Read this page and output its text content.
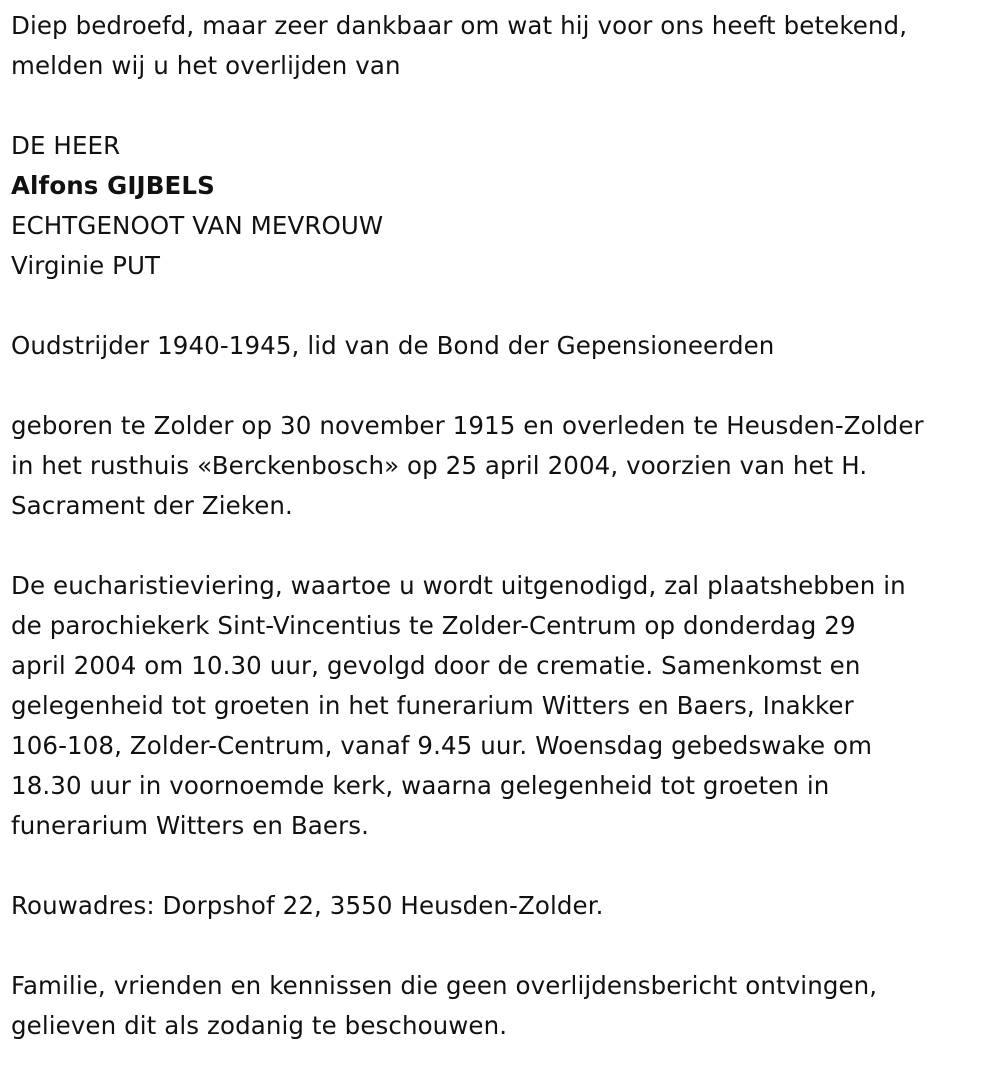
Diep bedroefd, maar zeer dankbaar om wat hij voor ons heeft betekend,

melden wij u het overlijden van

DE HEER

Alfons GIJBELS

ECHTGENOOT VAN MEVROUW

Virginie PUT

Oudstrijder 1940-1945, lid van de Bond der Gepensioneerden

geboren te Zolder op 30 november 1915 en overleden te Heusden-Zolder

in het rusthuis «Berckenbosch» op 25 april 2004, voorzien van het H.

Sacrament der Zieken.

De eucharistieviering, waartoe u wordt uitgenodigd, zal plaatshebben in

de parochiekerk Sint-Vincentius te Zolder-Centrum op donderdag 29

april 2004 om 10.30 uur, gevolgd door de crematie. Samenkomst en

gelegenheid tot groeten in het funerarium Witters en Baers, Inakker

106-108, Zolder-Centrum, vanaf 9.45 uur. Woensdag gebedswake om

18.30 uur in voornoemde kerk, waarna gelegenheid tot groeten in

funerarium Witters en Baers.

Rouwadres: Dorpshof 22, 3550 Heusden-Zolder.

Familie, vrienden en kennissen die geen overlijdensbericht ontvingen,

gelieven dit als zodanig te beschouwen.
